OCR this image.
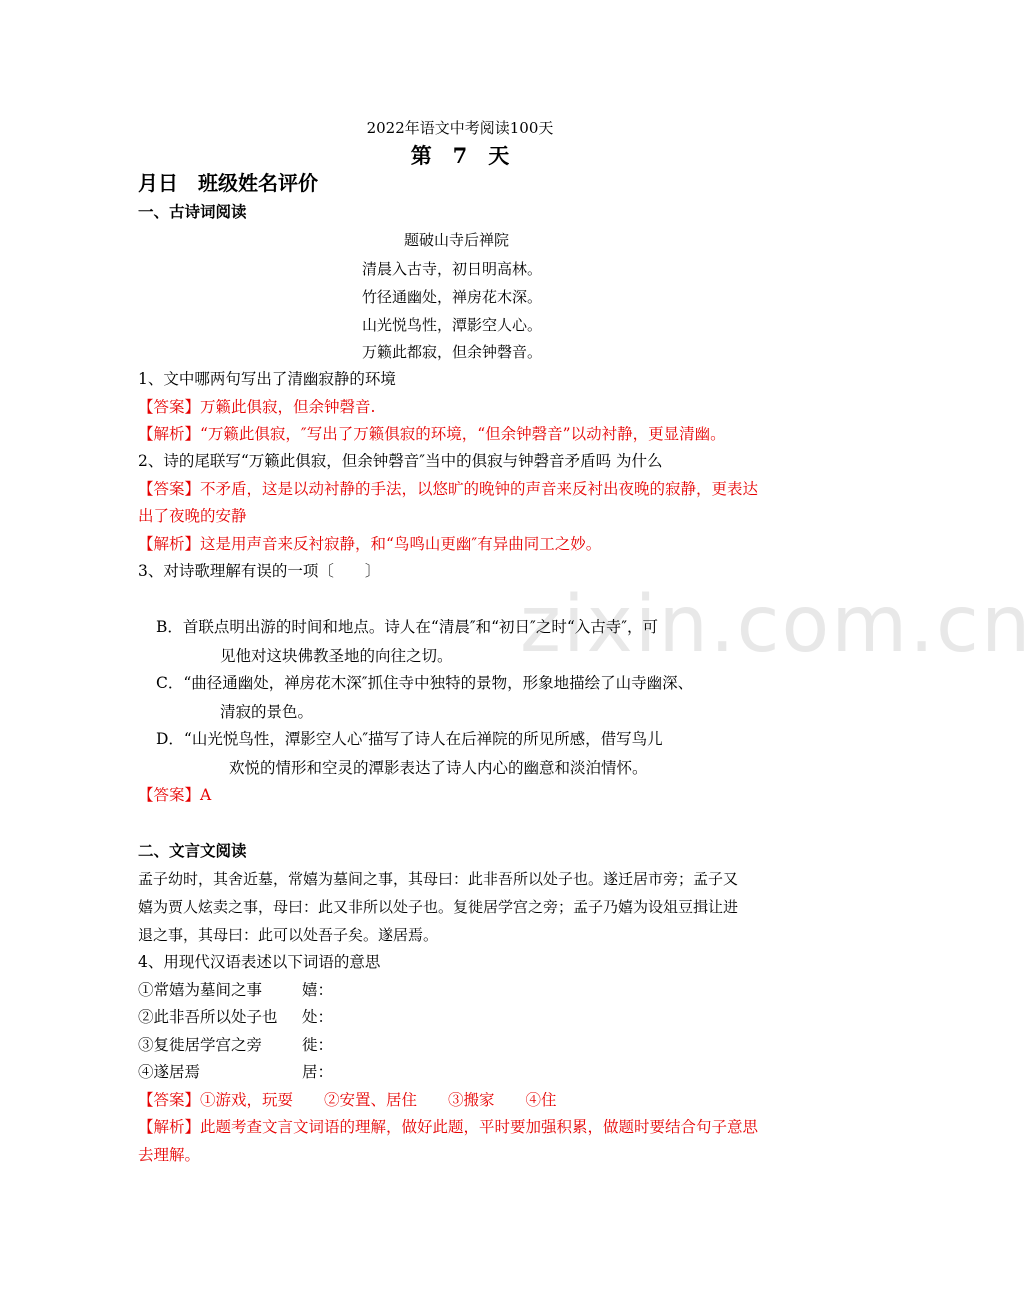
zixin.com.cn
2022年语文中考阅读100天
第　7　天
月日　班级姓名评价
一、古诗词阅读
题破山寺后禅院
清晨入古寺，初日明高林。
竹径通幽处，禅房花木深。
山光悦鸟性，潭影空人心。
万籁此都寂，但余钟磬音。
1、文中哪两句写出了清幽寂静的环境
【答案】万籁此俱寂，但余钟磬音.
【解析】“万籁此俱寂，″写出了万籁俱寂的环境，“但余钟磬音”以动衬静，更显清幽。
2、诗的尾联写“万籁此俱寂，但余钟磬音″当中的俱寂与钟磬音矛盾吗 为什么
【答案】不矛盾，这是以动衬静的手法，以悠旷的晚钟的声音来反衬出夜晚的寂静，更表达
出了夜晚的安静
【解析】这是用声音来反衬寂静，和“鸟鸣山更幽″有异曲同工之妙。
3、对诗歌理解有误的一项〔　　〕
B．首联点明出游的时间和地点。诗人在“清晨″和“初日″之时“入古寺″，可
见他对这块佛教圣地的向往之切。
C．“曲径通幽处，禅房花木深″抓住寺中独特的景物，形象地描绘了山寺幽深、
清寂的景色。
D．“山光悦鸟性，潭影空人心″描写了诗人在后禅院的所见所感，借写鸟儿
欢悦的情形和空灵的潭影表达了诗人内心的幽意和淡泊情怀。
【答案】A
二、文言文阅读
孟子幼时，其舍近墓，常嬉为墓间之事，其母曰：此非吾所以处子也。遂迁居市旁；孟子又
嬉为贾人炫卖之事，母曰：此又非所以处子也。复徙居学宫之旁；孟子乃嬉为设俎豆揖让进
退之事，其母曰：此可以处吾子矣。遂居焉。
4、用现代汉语表述以下词语的意思
①常嬉为墓间之事	嬉：
②此非吾所以处子也 处：
③复徙居学宫之旁	徙：
④遂居焉	居：
【答案】①游戏，玩耍　　②安置、居住　　③搬家　　④住
【解析】此题考查文言文词语的理解，做好此题，平时要加强积累，做题时要结合句子意思
去理解。
